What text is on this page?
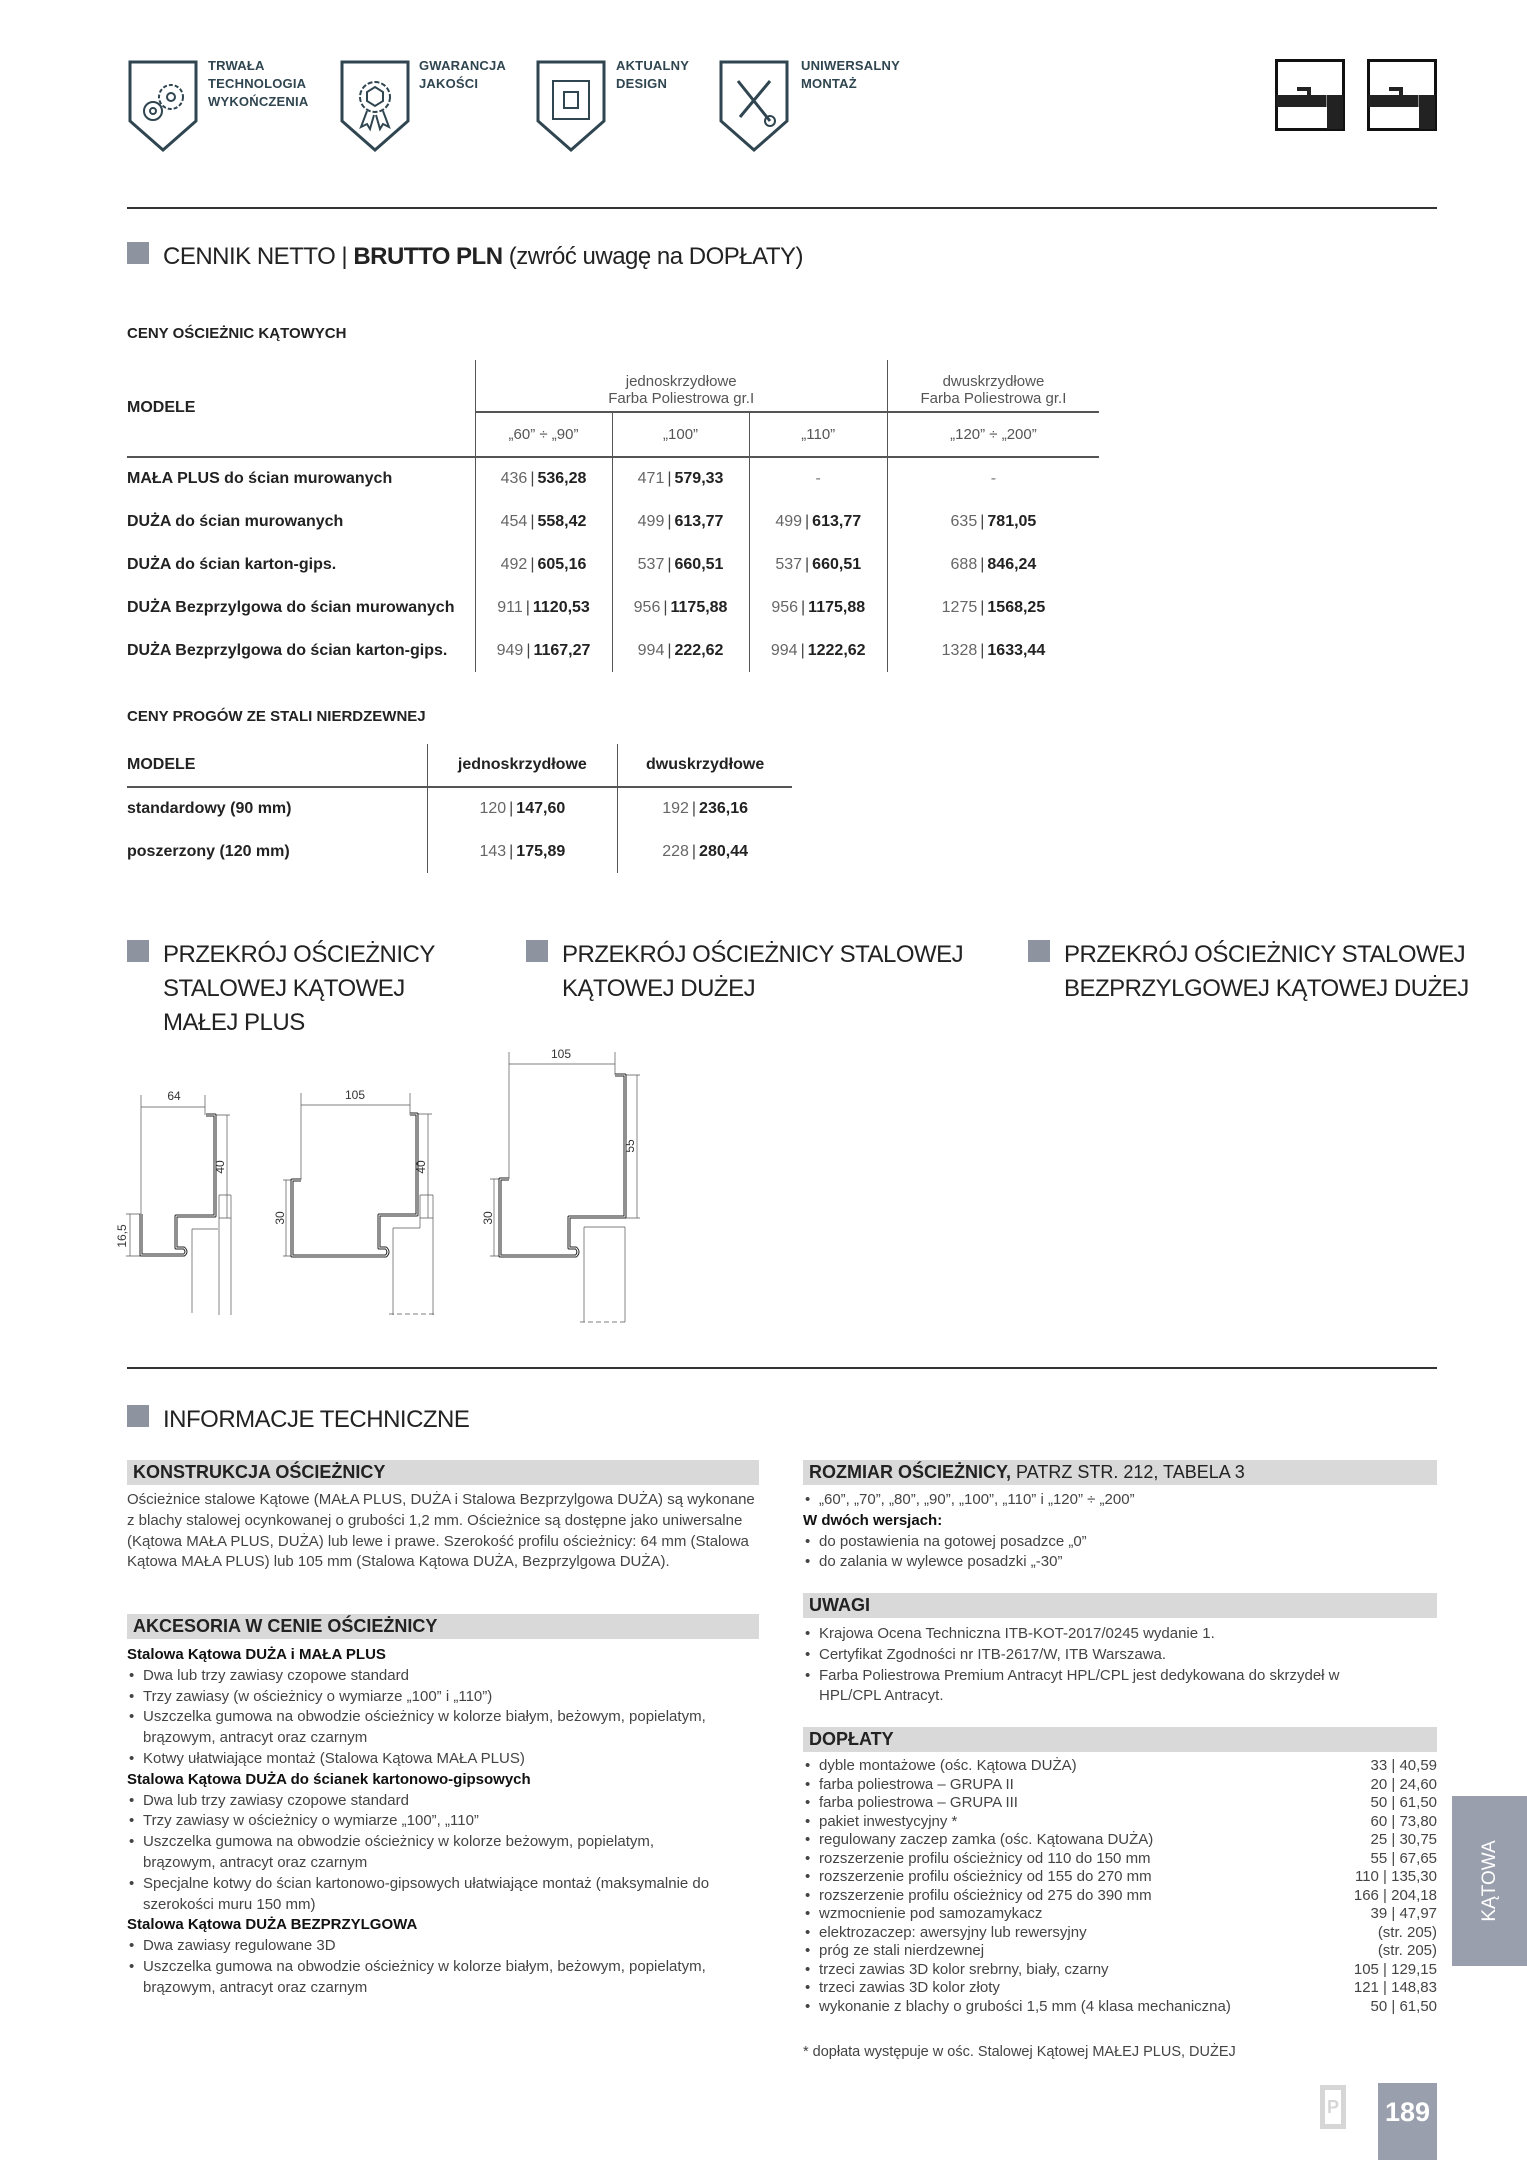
TRWAŁA
TECHNOLOGIA
WYKOŃCZENIA
GWARANCJA
JAKOŚCI
AKTUALNY
DESIGN
UNIWERSALNY
MONTAŻ
CENNIK NETTO | BRUTTO PLN (zwróć uwagę na DOPŁATY)
CENY OŚCIEŻNIC KĄTOWYCH
MODELE	jednoskrzydłowe
Farba Poliestrowa gr.I			dwuskrzydłowe
Farba Poliestrowa gr.I
	„60” ÷ „90”	„100”	„110”	„120” ÷ „200”
MAŁA PLUS do ścian murowanych	436 | 536,28	471 | 579,33	-	-
DUŻA do ścian murowanych	454 | 558,42	499 | 613,77	499 | 613,77	635 | 781,05
DUŻA do ścian karton-gips.	492 | 605,16	537 | 660,51	537 | 660,51	688 | 846,24
DUŻA Bezprzylgowa do ścian murowanych	911 | 1120,53	956 | 1175,88	956 | 1175,88	1275 | 1568,25
DUŻA Bezprzylgowa do ścian karton-gips.	949 | 1167,27	994 | 222,62	994 | 1222,62	1328 | 1633,44
CENY PROGÓW ZE STALI NIERDZEWNEJ
MODELE	jednoskrzydłowe	dwuskrzydłowe
standardowy (90 mm)	120 | 147,60	192 | 236,16
poszerzony (120 mm)	143 | 175,89	228 | 280,44
PRZEKRÓJ OŚCIEŻNICY
STALOWEJ KĄTOWEJ
MAŁEJ PLUS
PRZEKRÓJ OŚCIEŻNICY STALOWEJ
KĄTOWEJ DUŻEJ
PRZEKRÓJ OŚCIEŻNICY STALOWEJ
BEZPRZYLGOWEJ KĄTOWEJ DUŻEJ
64
40
16,5
105
40
30
105
55
30
INFORMACJE TECHNICZNE
KONSTRUKCJA OŚCIEŻNICY
Ościeżnice stalowe Kątowe (MAŁA PLUS, DUŻA i Stalowa Bezprzylgowa DUŻA) są wykonane z blachy stalowej ocynkowanej o grubości 1,2 mm. Ościeżnice są dostępne jako uniwersalne (Kątowa MAŁA PLUS, DUŻA) lub lewe i prawe. Szerokość profilu ościeżnicy: 64 mm (Stalowa Kątowa MAŁA PLUS) lub 105 mm (Stalowa Kątowa DUŻA, Bezprzylgowa DUŻA).
AKCESORIA W CENIE OŚCIEŻNICY
Stalowa Kątowa DUŻA i MAŁA PLUS
• Dwa lub trzy zawiasy czopowe standard
• Trzy zawiasy (w ościeżnicy o wymiarze „100” i „110”)
• Uszczelka gumowa na obwodzie ościeżnicy w kolorze białym, beżowym, popielatym, brązowym, antracyt oraz czarnym
• Kotwy ułatwiające montaż (Stalowa Kątowa MAŁA PLUS)
Stalowa Kątowa DUŻA do ścianek kartonowo-gipsowych
• Dwa lub trzy zawiasy czopowe standard
• Trzy zawiasy w ościeżnicy o wymiarze „100”, „110”
• Uszczelka gumowa na obwodzie ościeżnicy w kolorze beżowym, popielatym, brązowym, antracyt oraz czarnym
• Specjalne kotwy do ścian kartonowo-gipsowych ułatwiające montaż (maksymalnie do szerokości muru 150 mm)
Stalowa Kątowa DUŻA BEZPRZYLGOWA
• Dwa zawiasy regulowane 3D
• Uszczelka gumowa na obwodzie ościeżnicy w kolorze białym, beżowym, popielatym, brązowym, antracyt oraz czarnym
ROZMIAR OŚCIEŻNICY, PATRZ STR. 212, TABELA 3
• „60”, „70”, „80”, „90”, „100”, „110” i „120” ÷ „200”
W dwóch wersjach:
• do postawienia na gotowej posadzce „0”
• do zalania w wylewce posadzki „-30”
UWAGI
• Krajowa Ocena Techniczna ITB-KOT-2017/0245 wydanie 1.
• Certyfikat Zgodności nr ITB-2617/W, ITB Warszawa.
• Farba Poliestrowa Premium Antracyt HPL/CPL jest dedykowana do skrzydeł w HPL/CPL Antracyt.
DOPŁATY
• dyble montażowe (ośc. Kątowa DUŻA)	33 | 40,59
• farba poliestrowa – GRUPA II	20 | 24,60
• farba poliestrowa – GRUPA III	50 | 61,50
• pakiet inwestycyjny *	60 | 73,80
• regulowany zaczep zamka (ośc. Kątowana DUŻA)	25 | 30,75
• rozszerzenie profilu ościeżnicy od 110 do 150 mm	55 | 67,65
• rozszerzenie profilu ościeżnicy od 155 do 270 mm	110 | 135,30
• rozszerzenie profilu ościeżnicy od 275 do 390 mm	166 | 204,18
• wzmocnienie pod samozamykacz	39 | 47,97
• elektrozaczep: awersyjny lub rewersyjny	(str. 205)
• próg ze stali nierdzewnej	(str. 205)
• trzeci zawias 3D kolor srebrny, biały, czarny	105 | 129,15
• trzeci zawias 3D kolor złoty	121 | 148,83
• wykonanie z blachy o grubości 1,5 mm (4 klasa mechaniczna)	50 | 61,50
* dopłata występuje w ośc. Stalowej Kątowej MAŁEJ PLUS, DUŻEJ
KĄTOWA
P 189
